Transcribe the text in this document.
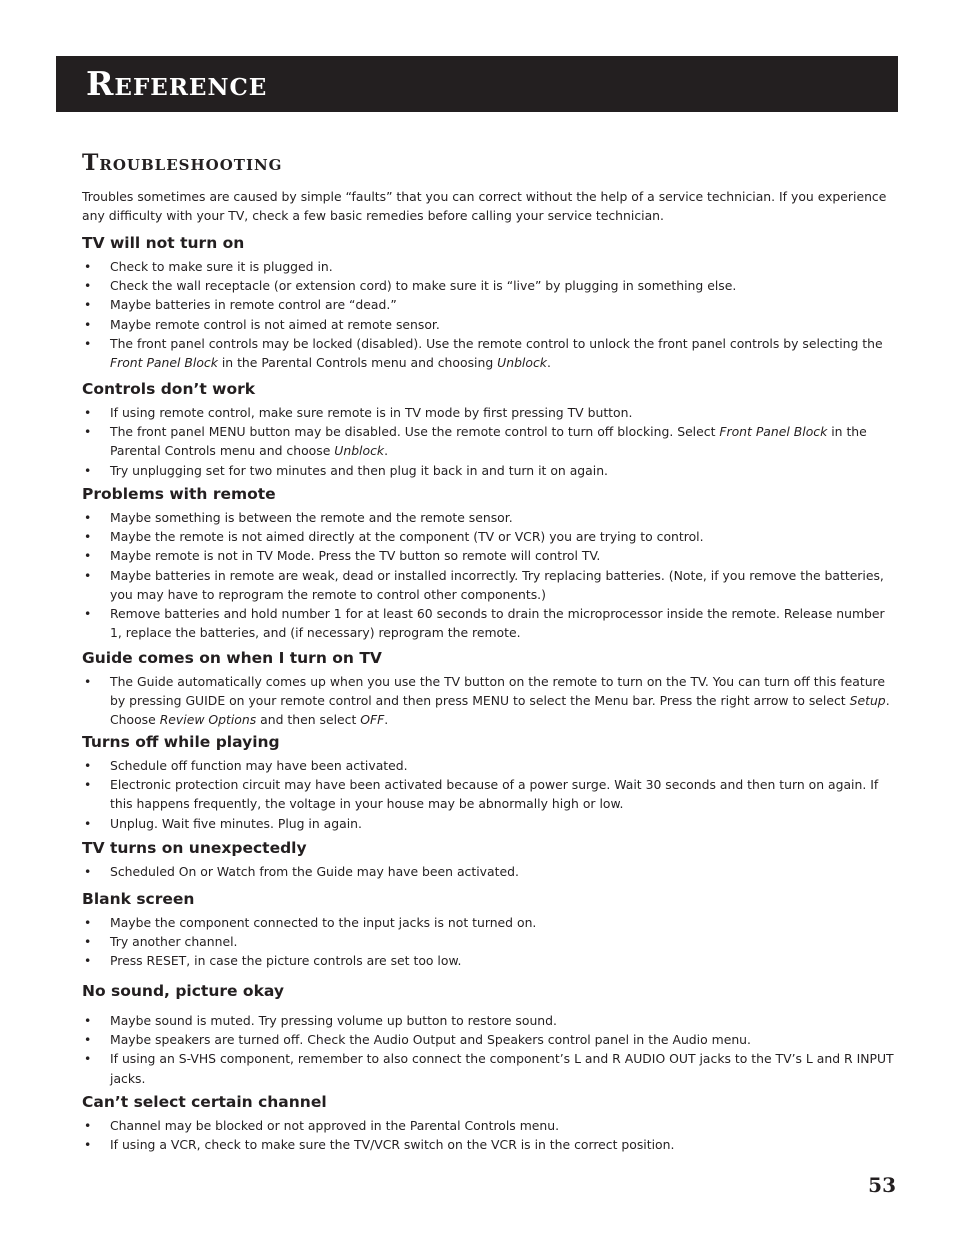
Reference
Troubleshooting

Troubles sometimes are caused by simple “faults” that you can correct without the help of a service technician. If you experience any difficulty with your TV, check a few basic remedies before calling your service technician.

TV will not turn on
• Check to make sure it is plugged in.
• Check the wall receptacle (or extension cord) to make sure it is “live” by plugging in something else.
• Maybe batteries in remote control are “dead.”
• Maybe remote control is not aimed at remote sensor.
• The front panel controls may be locked (disabled). Use the remote control to unlock the front panel controls by selecting the Front Panel Block in the Parental Controls menu and choosing Unblock.
Controls don’t work
• If using remote control, make sure remote is in TV mode by first pressing TV button.
• The front panel MENU button may be disabled. Use the remote control to turn off blocking. Select Front Panel Block in the Parental Controls menu and choose Unblock.
• Try unplugging set for two minutes and then plug it back in and turn it on again.
Problems with remote
• Maybe something is between the remote and the remote sensor.
• Maybe the remote is not aimed directly at the component (TV or VCR) you are trying to control.
• Maybe remote is not in TV Mode. Press the TV button so remote will control TV.
• Maybe batteries in remote are weak, dead or installed incorrectly. Try replacing batteries. (Note, if you remove the batteries, you may have to reprogram the remote to control other components.)
• Remove batteries and hold number 1 for at least 60 seconds to drain the microprocessor inside the remote. Release number 1, replace the batteries, and (if necessary) reprogram the remote.
Guide comes on when I turn on TV
• The Guide automatically comes up when you use the TV button on the remote to turn on the TV. You can turn off this feature by pressing GUIDE on your remote control and then press MENU to select the Menu bar. Press the right arrow to select Setup. Choose Review Options and then select OFF.
Turns off while playing
• Schedule off function may have been activated.
• Electronic protection circuit may have been activated because of a power surge. Wait 30 seconds and then turn on again. If this happens frequently, the voltage in your house may be abnormally high or low.
• Unplug. Wait five minutes. Plug in again.
TV turns on unexpectedly
• Scheduled On or Watch from the Guide may have been activated.
Blank screen
• Maybe the component connected to the input jacks is not turned on.
• Try another channel.
• Press RESET, in case the picture controls are set too low.
No sound, picture okay
• Maybe sound is muted. Try pressing volume up button to restore sound.
• Maybe speakers are turned off. Check the Audio Output and Speakers control panel in the Audio menu.
• If using an S-VHS component, remember to also connect the component’s L and R AUDIO OUT jacks to the TV’s L and R INPUT jacks.
Can’t select certain channel
• Channel may be blocked or not approved in the Parental Controls menu.
• If using a VCR, check to make sure the TV/VCR switch on the VCR is in the correct position.

53
